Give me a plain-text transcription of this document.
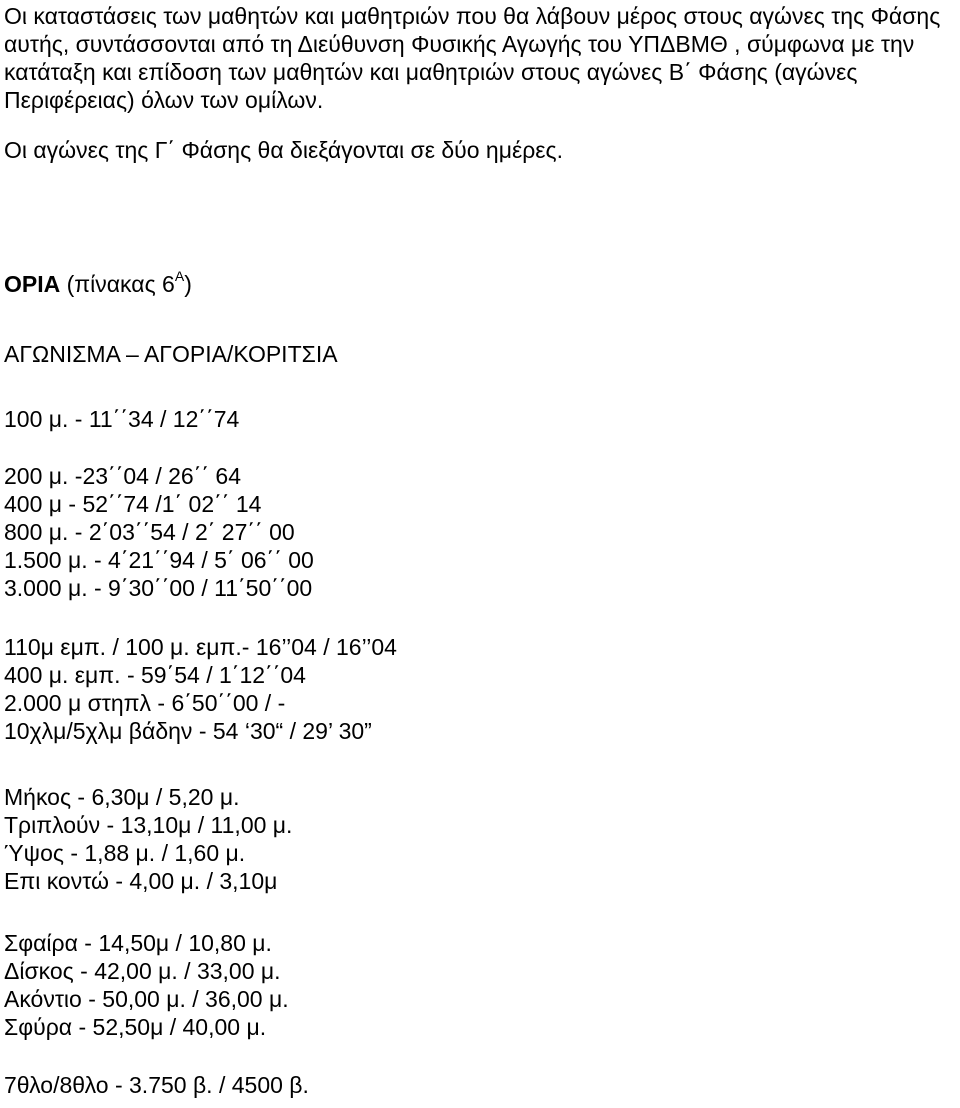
Οι καταστάσεις των μαθητών και μαθητριών που θα λάβουν μέρος στους αγώνες της Φάσης
αυτής, συντάσσονται από τη Διεύθυνση Φυσικής Αγωγής του ΥΠΔΒΜΘ , σύμφωνα με την
κατάταξη και επίδοση των μαθητών και μαθητριών στους αγώνες Β΄ Φάσης (αγώνες
Περιφέρειας) όλων των ομίλων.
Οι αγώνες της Γ΄ Φάσης θα διεξάγονται σε δύο ημέρες.
ΟΡΙΑ (πίνακας $6^A$)
ΑΓΩΝΙΣΜΑ – ΑΓΟΡΙΑ/ΚΟΡΙΤΣΙΑ
100 μ. - 11΄΄34 / 12΄΄74
200 μ. -23΄΄04 / 26΄΄ 64
400 μ - 52΄΄74 /1΄ 02΄΄ 14
800 μ. - 2΄03΄΄54 / 2΄ 27΄΄ 00
1.500 μ. - 4΄21΄΄94 / 5΄ 06΄΄ 00
3.000 μ. - 9΄30΄΄00 / 11΄50΄΄00
110μ εμπ. / 100 μ. εμπ.- 16’’04 / 16’’04
400 μ. εμπ. - 59΄54 / 1΄12΄΄04
2.000 μ στηπλ - 6΄50΄΄00 / -
10χλμ/5χλμ βάδην - 54 ‘30“ / 29’ 30”
Μήκος - 6,30μ / 5,20 μ.
Τριπλούν - 13,10μ / 11,00 μ.
Ύψος - 1,88 μ. / 1,60 μ.
Επι κοντώ - 4,00 μ. / 3,10μ
Σφαίρα - 14,50μ / 10,80 μ.
Δίσκος - 42,00 μ. / 33,00 μ.
Ακόντιο - 50,00 μ. / 36,00 μ.
Σφύρα - 52,50μ / 40,00 μ.
7θλο/8θλο - 3.750 β. / 4500 β.
